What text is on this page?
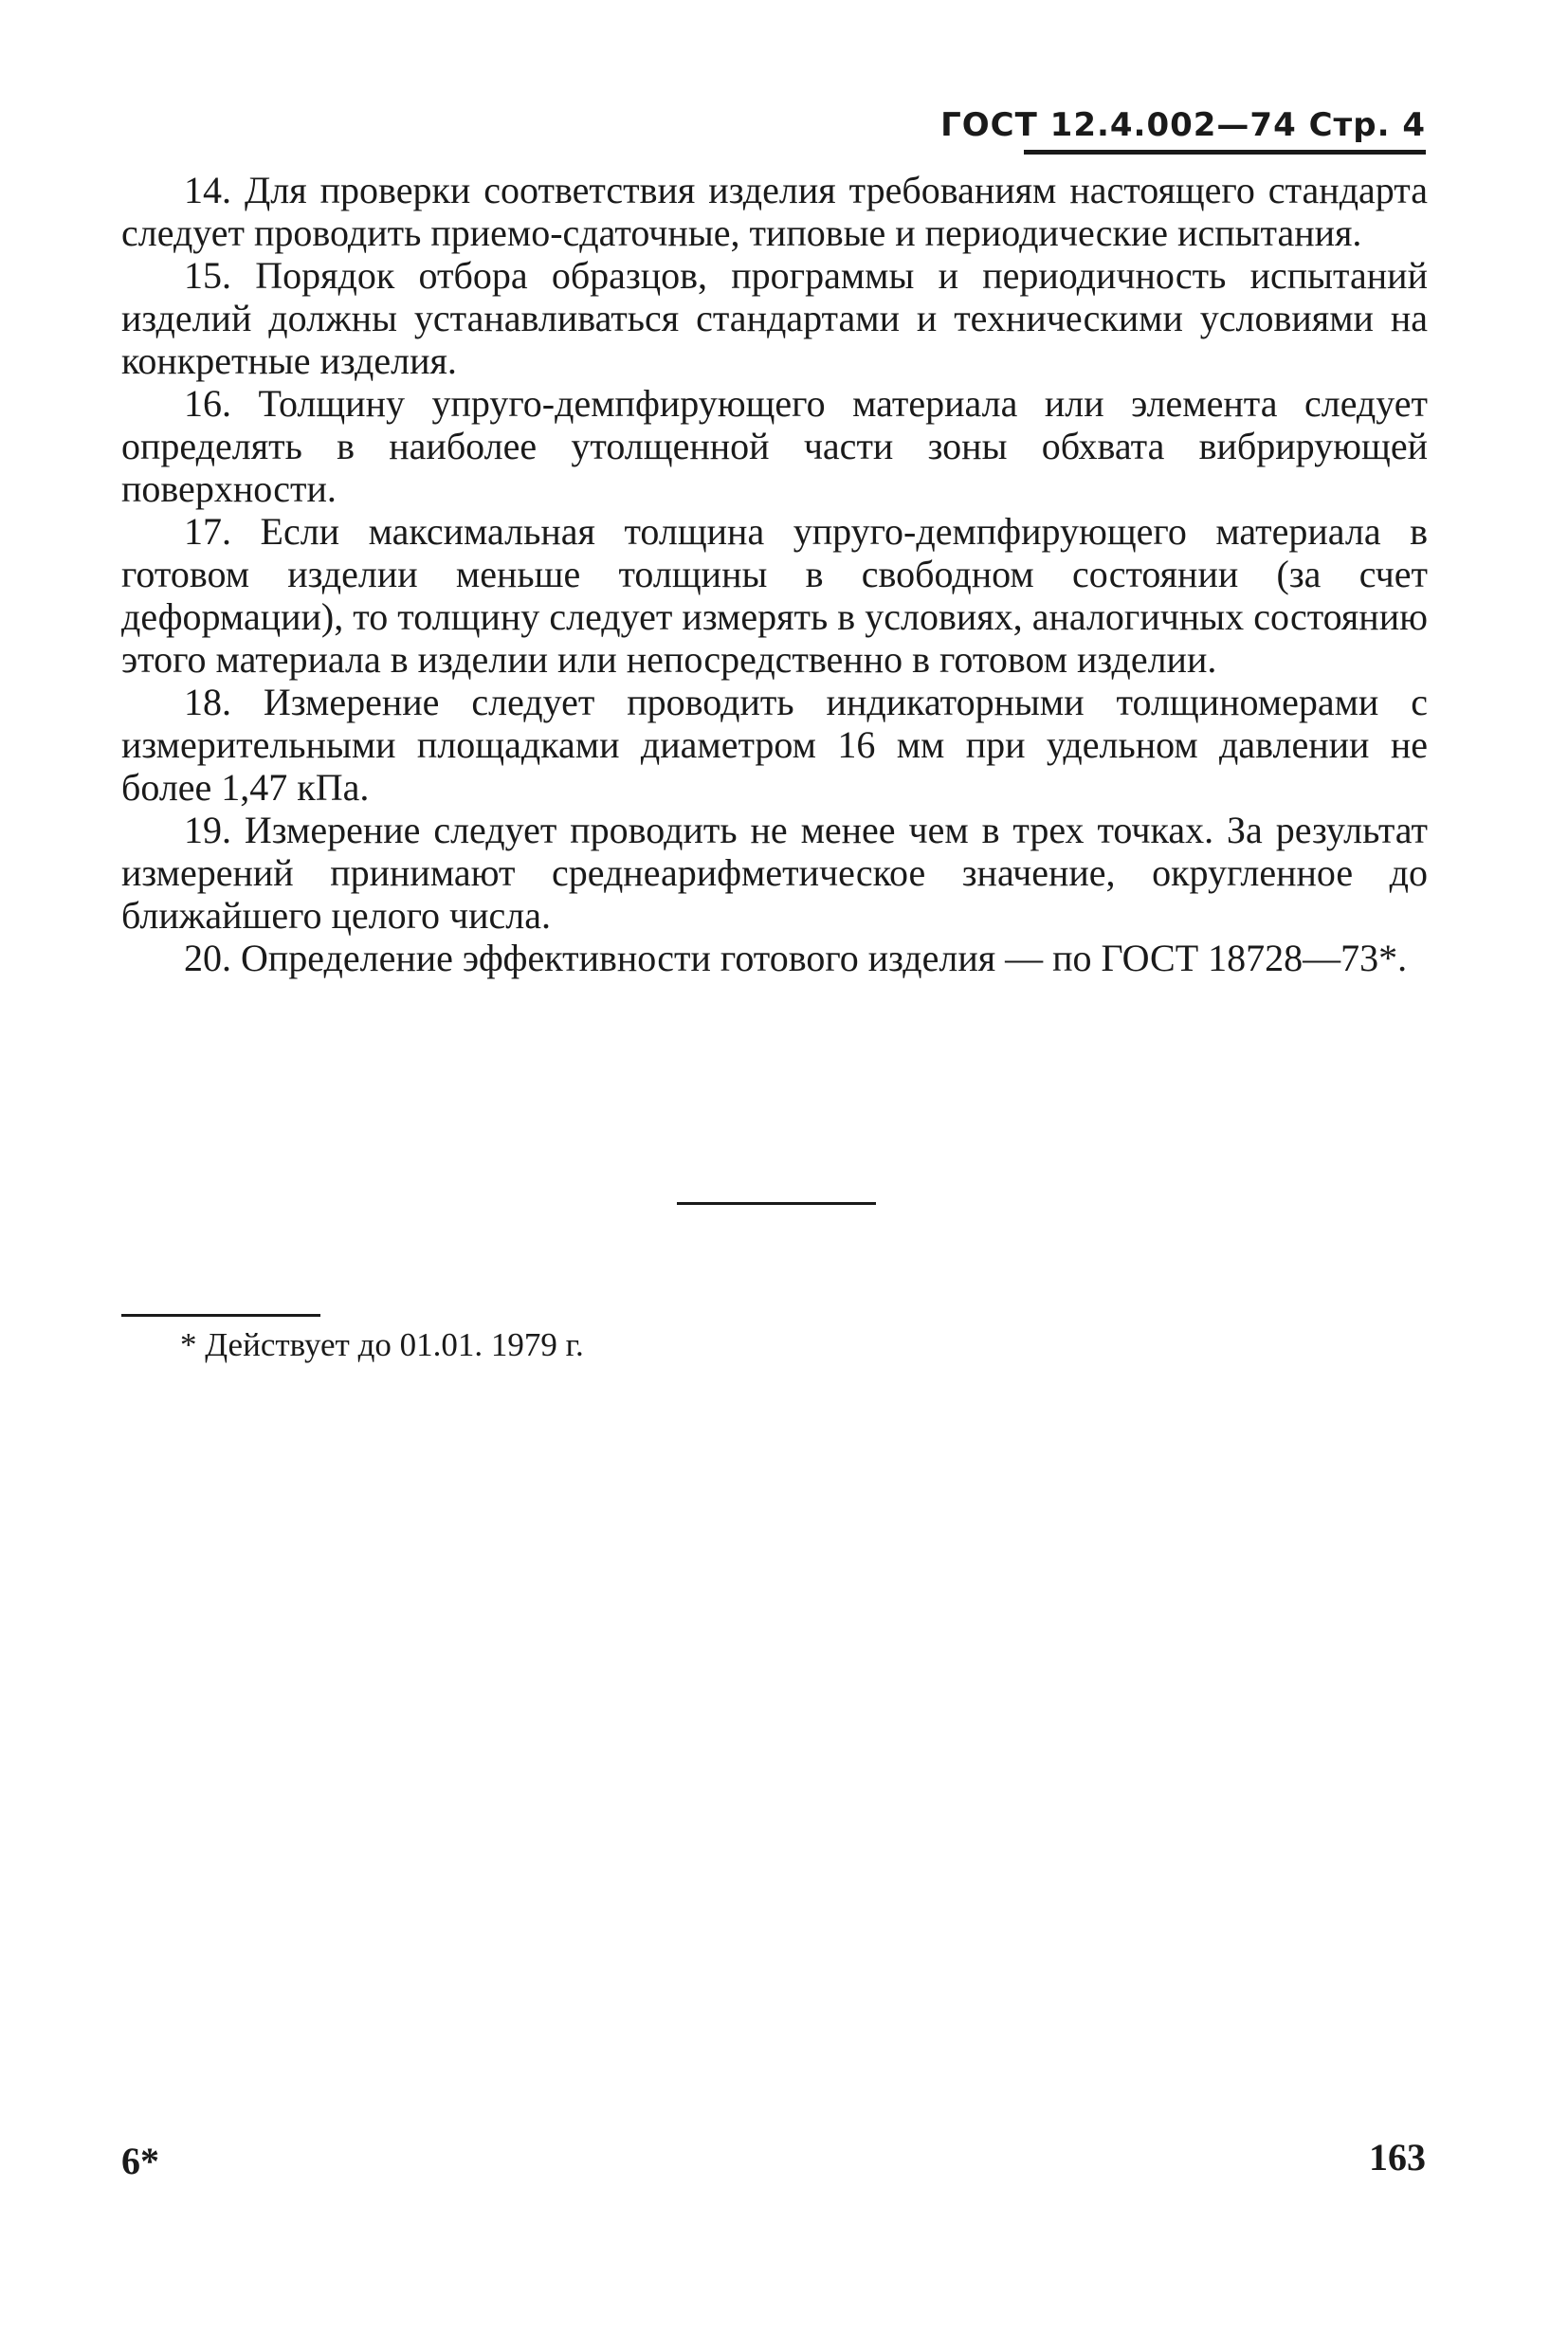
ГОСТ 12.4.002—74 Стр. 4

14. Для проверки соответствия изделия требованиям настоящего стандарта следует проводить приемо-сдаточные, типовые и периодические испытания.

15. Порядок отбора образцов, программы и периодичность испытаний изделий должны устанавливаться стандартами и техническими условиями на конкретные изделия.

16. Толщину упруго-демпфирующего материала или элемента следует определять в наиболее утолщенной части зоны обхвата вибрирующей поверхности.

17. Если максимальная толщина упруго-демпфирующего материала в готовом изделии меньше толщины в свободном состоянии (за счет деформации), то толщину следует измерять в условиях, аналогичных состоянию этого материала в изделии или непосредственно в готовом изделии.

18. Измерение следует проводить индикаторными толщиномерами с измерительными площадками диаметром 16 мм при удельном давлении не более 1,47 кПа.

19. Измерение следует проводить не менее чем в трех точках. За результат измерений принимают среднеарифметическое значение, округленное до ближайшего целого числа.

20. Определение эффективности готового изделия — по ГОСТ 18728—73*.

* Действует до 01.01. 1979 г.
6*	163
